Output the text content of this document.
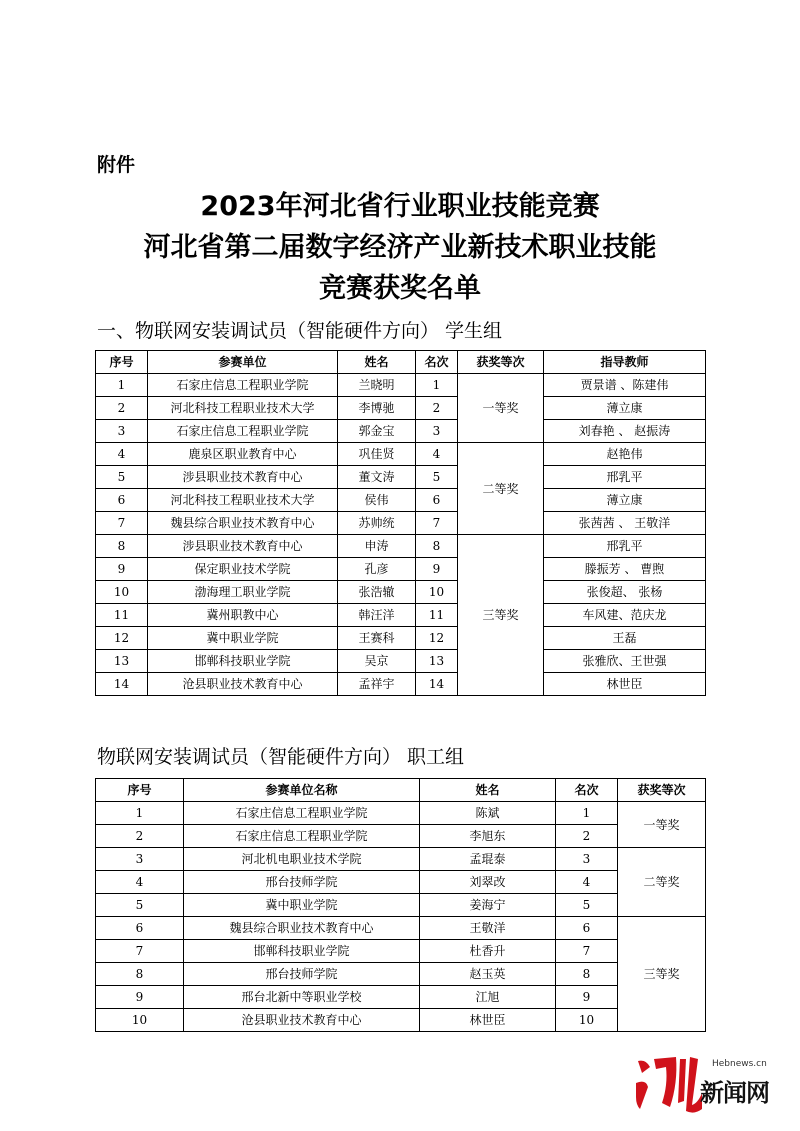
附件
2023年河北省行业职业技能竞赛
河北省第二届数字经济产业新技术职业技能
竞赛获奖名单
一、物联网安装调试员（智能硬件方向） 学生组
序号	参赛单位	姓名	名次	获奖等次	指导教师
1	石家庄信息工程职业学院	兰晓明	1	一等奖	贾景谱 、陈建伟
2	河北科技工程职业技术大学	李博驰	2		薄立康
3	石家庄信息工程职业学院	郭金宝	3		刘春艳 、 赵振涛
4	鹿泉区职业教育中心	巩佳贤	4	二等奖	赵艳伟
5	涉县职业技术教育中心	董文涛	5		邢乳平
6	河北科技工程职业技术大学	侯伟	6		薄立康
7	魏县综合职业技术教育中心	苏帅统	7		张茜茜 、 王敬洋
8	涉县职业技术教育中心	申涛	8	三等奖	邢乳平
9	保定职业技术学院	孔彦	9		滕振芳 、 曹煦
10	渤海理工职业学院	张浩辙	10		张俊超、 张杨
11	冀州职教中心	韩汪洋	11		车风建、范庆龙
12	冀中职业学院	王赛科	12		王磊
13	邯郸科技职业学院	吴京	13		张雅欣、王世强
14	沧县职业技术教育中心	孟祥宇	14		林世臣
物联网安装调试员（智能硬件方向） 职工组
序号	参赛单位名称	姓名	名次	获奖等次
1	石家庄信息工程职业学院	陈斌	1	一等奖
2	石家庄信息工程职业学院	李旭东	2	
3	河北机电职业技术学院	孟琨泰	3	二等奖
4	邢台技师学院	刘翠改	4	
5	冀中职业学院	姜海宁	5	
6	魏县综合职业技术教育中心	王敬洋	6	三等奖
7	邯郸科技职业学院	杜香升	7	
8	邢台技师学院	赵玉英	8	
9	邢台北新中等职业学校	江旭	9	
10	沧县职业技术教育中心	林世臣	10	
Hebnews.cn
新闻网
